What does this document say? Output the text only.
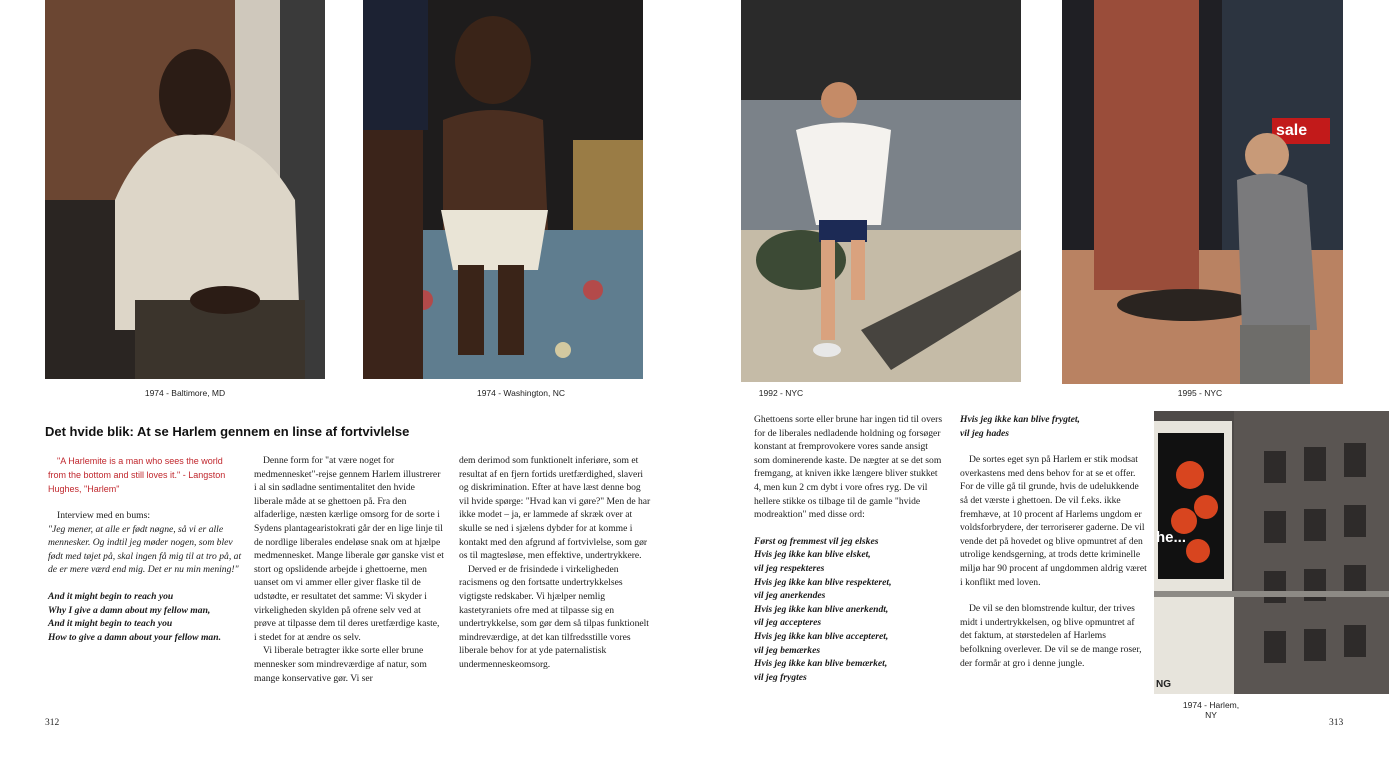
1974 - Baltimore, MD	1974 - Washington, NC	1992 - NYC
sale
1995 - NYC
he...
NG
1974 - Harlem, NY
Det hvide blik: At se Harlem gennem en linse af fortvivlelse

"A Harlemite is a man who sees the world from the bottom and still loves it." - Langston Hughes, "Harlem"

Interview med en bums:

"Jeg mener, at alle er født nøgne, så vi er alle mennesker. Og indtil jeg møder nogen, som blev født med tøjet på, skal ingen få mig til at tro på, at de er mere værd end mig. Det er nu min mening!"

And it might begin to reach you

Why I give a damn about my fellow man,

And it might begin to teach you

How to give a damn about your fellow man.

Denne form for "at være noget for medmennesket"-rejse gennem Harlem illustrerer i al sin sødladne sentimentalitet den hvide liberale måde at se ghettoen på. Fra den alfaderlige, næsten kærlige omsorg for de sorte i Sydens plantagearistokrati går der en lige linje til de nordlige liberales endeløse snak om at hjælpe medmennesket. Mange liberale gør ganske vist et stort og opslidende arbejde i ghettoerne, men uanset om vi ammer eller giver flaske til de udstødte, er resultatet det samme: Vi skyder i virkeligheden skylden på ofrene selv ved at prøve at tilpasse dem til deres uretfærdige kaste, i stedet for at ændre os selv.

Vi liberale betragter ikke sorte eller brune mennesker som mindreværdige af natur, som mange konservative gør. Vi ser

dem derimod som funktionelt inferiøre, som et resultat af en fjern fortids uretfærdighed, slaveri og diskrimination. Efter at have læst denne bog vil hvide spørge: "Hvad kan vi gøre?" Men de har ikke modet – ja, er lammede af skræk over at skulle se ned i sjælens dybder for at komme i kontakt med den afgrund af fortvivlelse, som gør os til magtesløse, men effektive, undertrykkere.

Derved er de frisindede i virkeligheden racismens og den fortsatte undertrykkelses vigtigste redskaber. Vi hjælper nemlig kastetyraniets ofre med at tilpasse sig en undertrykkelse, som gør dem så tilpas funktionelt mindreværdige, at det kan tilfredsstille vores liberale behov for at yde paternalistisk undermenneskeomsorg.

Ghettoens sorte eller brune har ingen tid til overs for de liberales nedladende holdning og forsøger konstant at fremprovokere vores sande ansigt som dominerende kaste. De nægter at se det som fremgang, at kniven ikke længere bliver stukket 4, men kun 2 cm dybt i vore ofres ryg. De vil hellere stikke os tilbage til de gamle "hvide modreaktion" med disse ord:

Først og fremmest vil jeg elskes

Hvis jeg ikke kan blive elsket,

vil jeg respekteres

Hvis jeg ikke kan blive respekteret,

vil jeg anerkendes

Hvis jeg ikke kan blive anerkendt,

vil jeg accepteres

Hvis jeg ikke kan blive accepteret,

vil jeg bemærkes

Hvis jeg ikke kan blive bemærket,

vil jeg frygtes

Hvis jeg ikke kan blive frygtet,

vil jeg hades

De sortes eget syn på Harlem er stik modsat overkastens med dens behov for at se et offer. For de ville gå til grunde, hvis de udelukkende så det værste i ghettoen. De vil f.eks. ikke fremhæve, at 10 procent af Harlems ungdom er voldsforbrydere, der terroriserer gaderne. De vil vende det på hovedet og blive opmuntret af den utrolige kendsgerning, at trods dette kriminelle miljø har 90 procent af ungdommen aldrig været i konflikt med loven.

De vil se den blomstrende kultur, der trives midt i undertrykkelsen, og blive opmuntret af det faktum, at størstedelen af Harlems befolkning overlever. De vil se de mange roser, der formår at gro i denne jungle.

312	313
